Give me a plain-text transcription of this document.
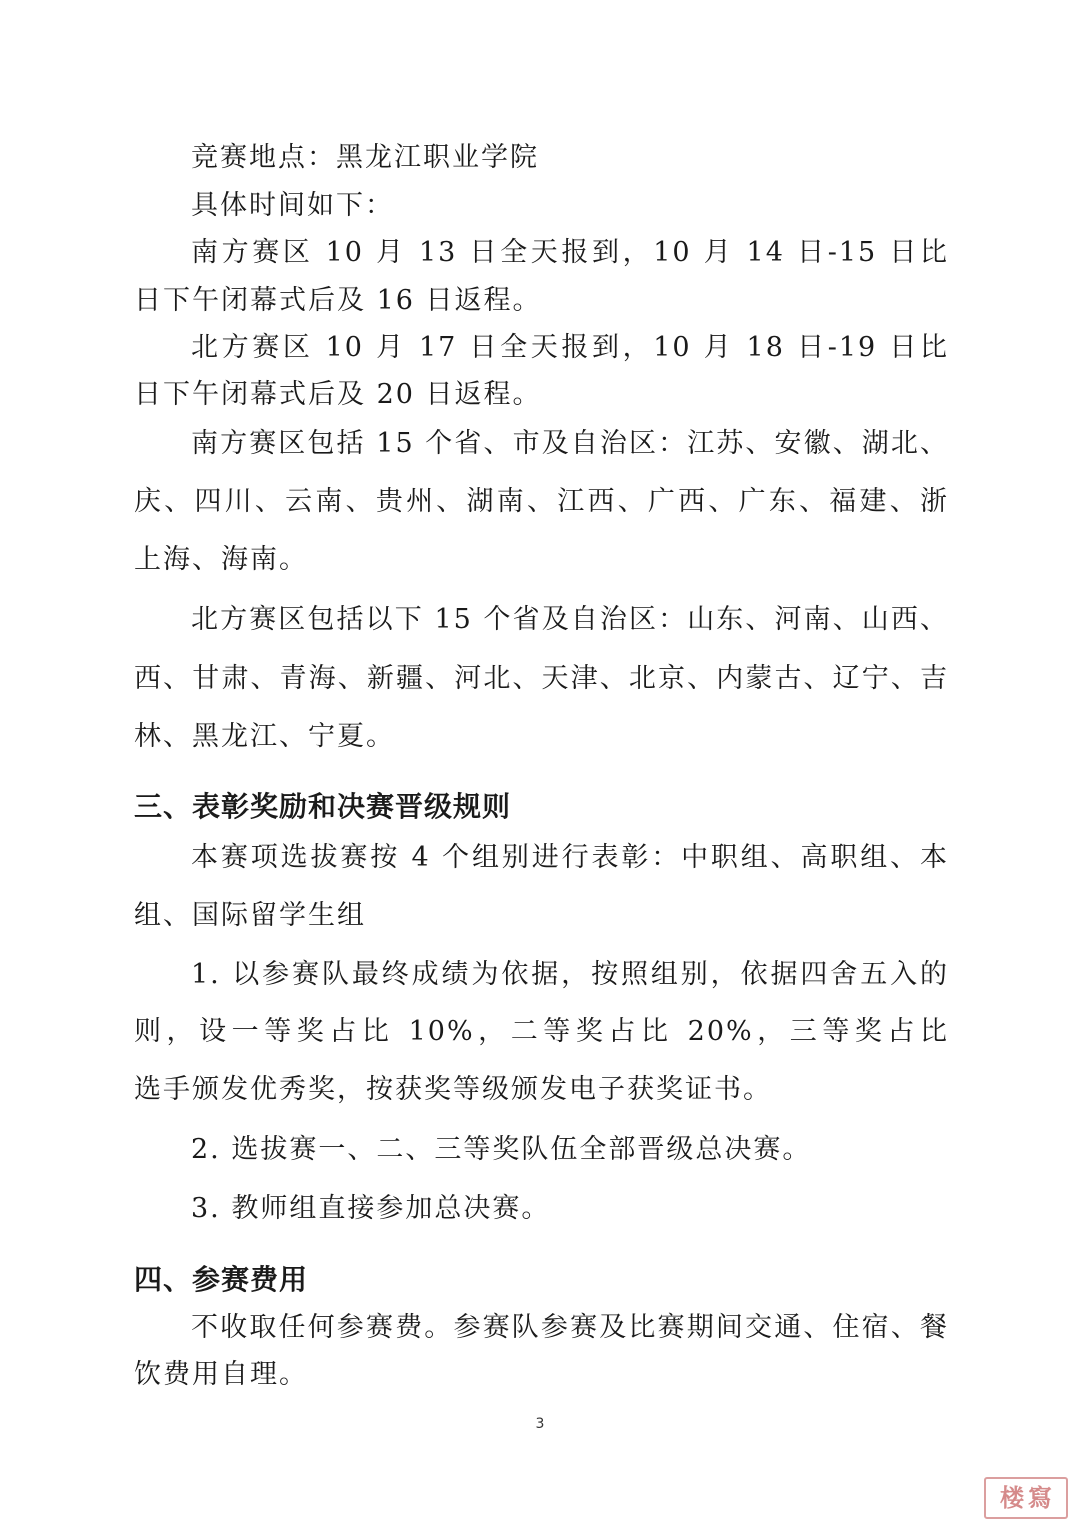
竞赛地点：黑龙江职业学院
具体时间如下：
南方赛区 10 月 13 日全天报到，10 月 14 日-15 日比
日下午闭幕式后及 16 日返程。
北方赛区 10 月 17 日全天报到，10 月 18 日-19 日比
日下午闭幕式后及 20 日返程。
南方赛区包括 15 个省、市及自治区：江苏、安徽、湖北、
庆、四川、云南、贵州、湖南、江西、广西、广东、福建、浙
上海、海南。
北方赛区包括以下 15 个省及自治区：山东、河南、山西、
西、甘肃、青海、新疆、河北、天津、北京、内蒙古、辽宁、吉
林、黑龙江、宁夏。
三、表彰奖励和决赛晋级规则
本赛项选拔赛按 4 个组别进行表彰：中职组、高职组、本
组、国际留学生组
1. 以参赛队最终成绩为依据，按照组别，依据四舍五入的
则，设一等奖占比 10%，二等奖占比 20%，三等奖占比
选手颁发优秀奖，按获奖等级颁发电子获奖证书。
2. 选拔赛一、二、三等奖队伍全部晋级总决赛。
3. 教师组直接参加总决赛。
四、参赛费用
不收取任何参赛费。参赛队参赛及比赛期间交通、住宿、餐
饮费用自理。
3
楼 寫
